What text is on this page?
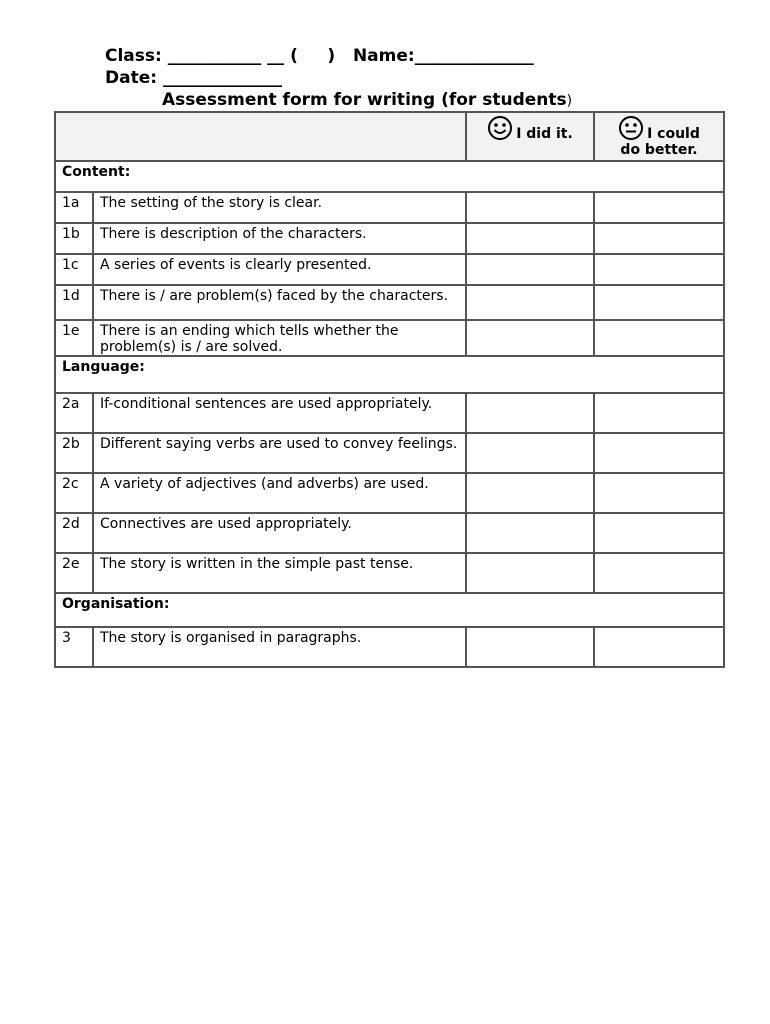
Class: ___________ __ (     )   Name:______________
Date: ______________
Assessment form for writing (for students)
		I did it.	I could
do better.
Content:			
1a	The setting of the story is clear.		
1b	There is description of the characters.		
1c	A series of events is clearly presented.		
1d	There is / are problem(s) faced by the characters.		
1e	There is an ending which tells whether the problem(s) is / are solved.		
Language:			
2a	If-conditional sentences are used appropriately.		
2b	Different saying verbs are used to convey feelings.		
2c	A variety of adjectives (and adverbs) are used.		
2d	Connectives are used appropriately.		
2e	The story is written in the simple past tense.		
Organisation:			
3	The story is organised in paragraphs.		
